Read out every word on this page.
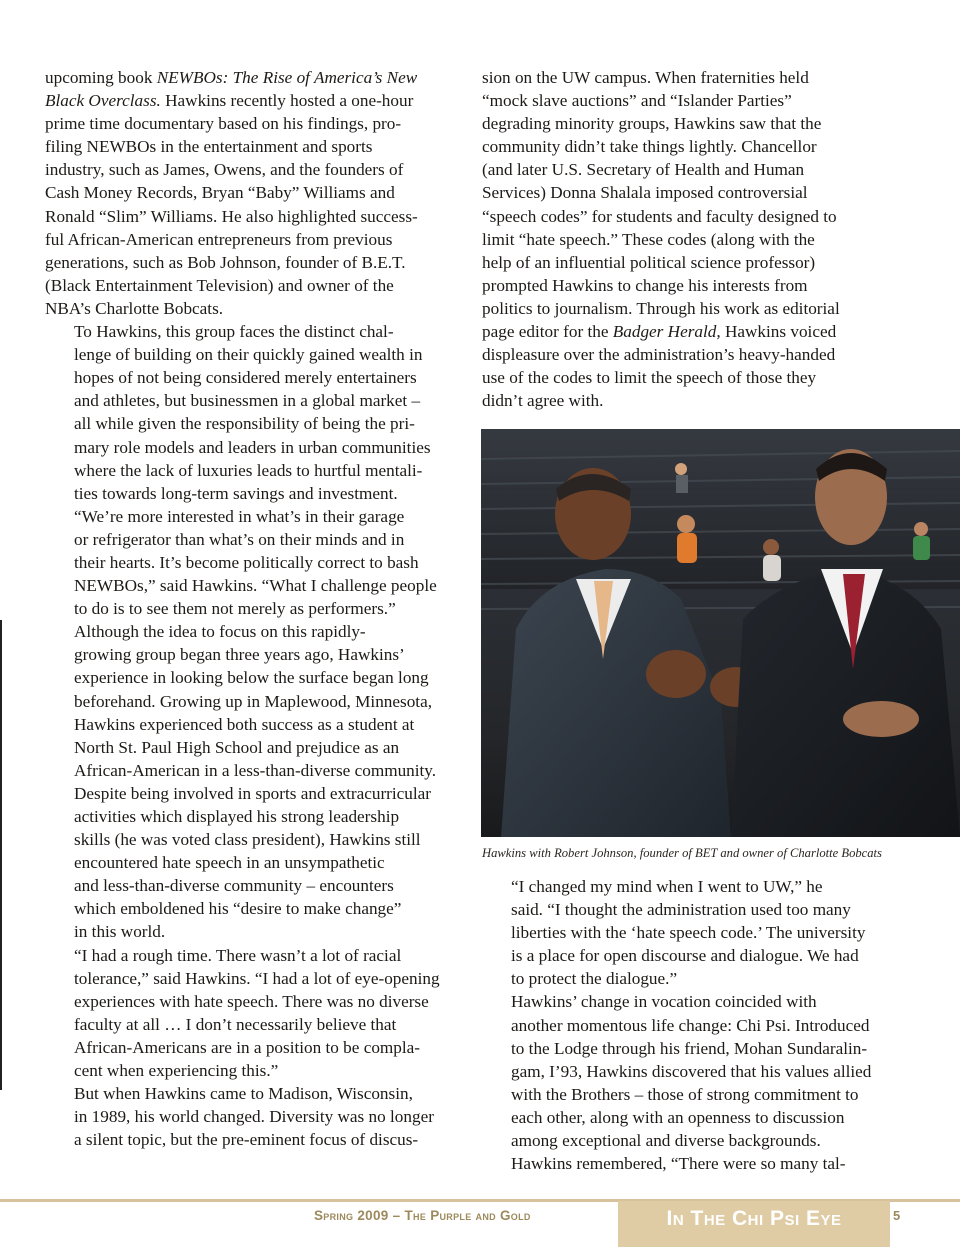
upcoming book NEWBOs: The Rise of America’s New
Black Overclass. Hawkins recently hosted a one-hour
prime time documentary based on his findings, pro-
filing NEWBOs in the entertainment and sports
industry, such as James, Owens, and the founders of
Cash Money Records, Bryan “Baby” Williams and
Ronald “Slim” Williams. He also highlighted success-
ful African-American entrepreneurs from previous
generations, such as Bob Johnson, founder of B.E.T.
(Black Entertainment Television) and owner of the
NBA’s Charlotte Bobcats.

To Hawkins, this group faces the distinct chal-
lenge of building on their quickly gained wealth in
hopes of not being considered merely entertainers
and athletes, but businessmen in a global market –
all while given the responsibility of being the pri-
mary role models and leaders in urban communities
where the lack of luxuries leads to hurtful mentali-
ties towards long-term savings and investment.

“We’re more interested in what’s in their garage
or refrigerator than what’s on their minds and in
their hearts. It’s become politically correct to bash
NEWBOs,” said Hawkins. “What I challenge people
to do is to see them not merely as performers.”

Although the idea to focus on this rapidly-
growing group began three years ago, Hawkins’
experience in looking below the surface began long
beforehand. Growing up in Maplewood, Minnesota,
Hawkins experienced both success as a student at
North St. Paul High School and prejudice as an
African-American in a less-than-diverse community.
Despite being involved in sports and extracurricular
activities which displayed his strong leadership
skills (he was voted class president), Hawkins still
encountered hate speech in an unsympathetic
and less-than-diverse community – encounters
which emboldened his “desire to make change”
in this world.

“I had a rough time. There wasn’t a lot of racial
tolerance,” said Hawkins. “I had a lot of eye-opening
experiences with hate speech. There was no diverse
faculty at all … I don’t necessarily believe that
African-Americans are in a position to be compla-
cent when experiencing this.”

But when Hawkins came to Madison, Wisconsin,
in 1989, his world changed. Diversity was no longer
a silent topic, but the pre-eminent focus of discus-

sion on the UW campus. When fraternities held
“mock slave auctions” and “Islander Parties”
degrading minority groups, Hawkins saw that the
community didn’t take things lightly. Chancellor
(and later U.S. Secretary of Health and Human
Services) Donna Shalala imposed controversial
“speech codes” for students and faculty designed to
limit “hate speech.” These codes (along with the
help of an influential political science professor)
prompted Hawkins to change his interests from
politics to journalism. Through his work as editorial
page editor for the Badger Herald, Hawkins voiced
displeasure over the administration’s heavy-handed
use of the codes to limit the speech of those they
didn’t agree with.

Hawkins with Robert Johnson, founder of BET and owner of Charlotte Bobcats

“I changed my mind when I went to UW,” he
said. “I thought the administration used too many
liberties with the ‘hate speech code.’ The university
is a place for open discourse and dialogue. We had
to protect the dialogue.”

Hawkins’ change in vocation coincided with
another momentous life change: Chi Psi. Introduced
to the Lodge through his friend, Mohan Sundaralin-
gam, I’93, Hawkins discovered that his values allied
with the Brothers – those of strong commitment to
each other, along with an openness to discussion
among exceptional and diverse backgrounds.

Hawkins remembered, “There were so many tal-

Spring 2009 – The Purple and Gold	In The Chi Psi Eye	5
